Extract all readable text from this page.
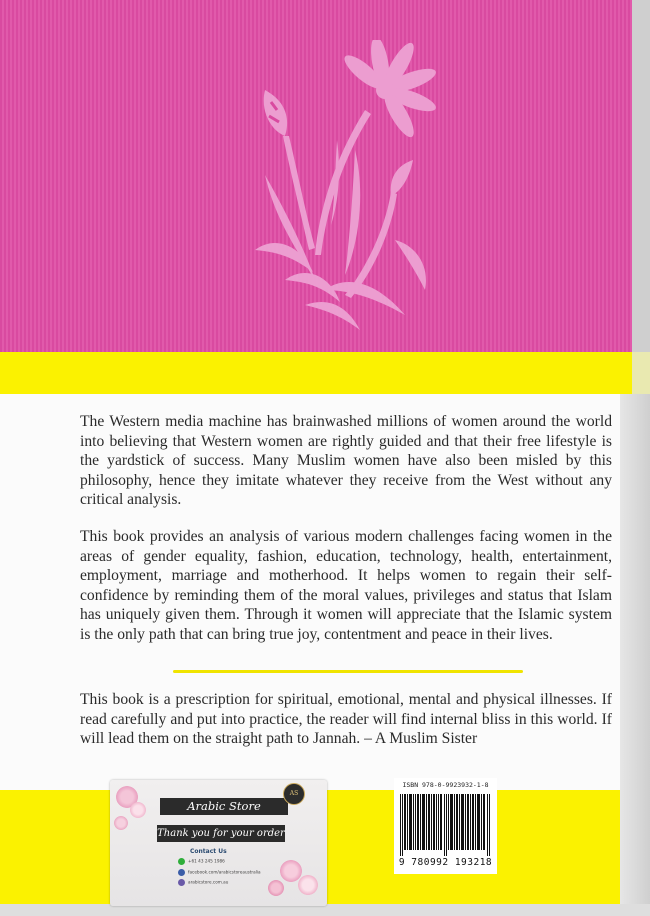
The Western media machine has brainwashed millions of women around the world into believing that Western women are rightly guided and that their free lifestyle is the yardstick of success. Many Muslim women have also been misled by this philosophy, hence they imitate whatever they receive from the West without any critical analysis.

This book provides an analysis of various modern challenges facing women in the areas of gender equality, fashion, education, technology, health, entertainment, employment, marriage and motherhood. It helps women to regain their self-confidence by reminding them of the moral values, privileges and status that Islam has uniquely given them. Through it women will appreciate that the Islamic system is the only path that can bring true joy, contentment and peace in their lives.

This book is a prescription for spiritual, emotional, mental and physical illnesses. If read carefully and put into practice, the reader will find internal bliss in this world. If will lead them on the straight path to Jannah. – A Muslim Sister

ISBN 978-0-9923932-1-8
9 780992 193218
Arabic Store
Thank you for your order
AS
Contact Us
+61 43 245 1986
facebook.com/arabicstoreaustralia
arabicstore.com.au
